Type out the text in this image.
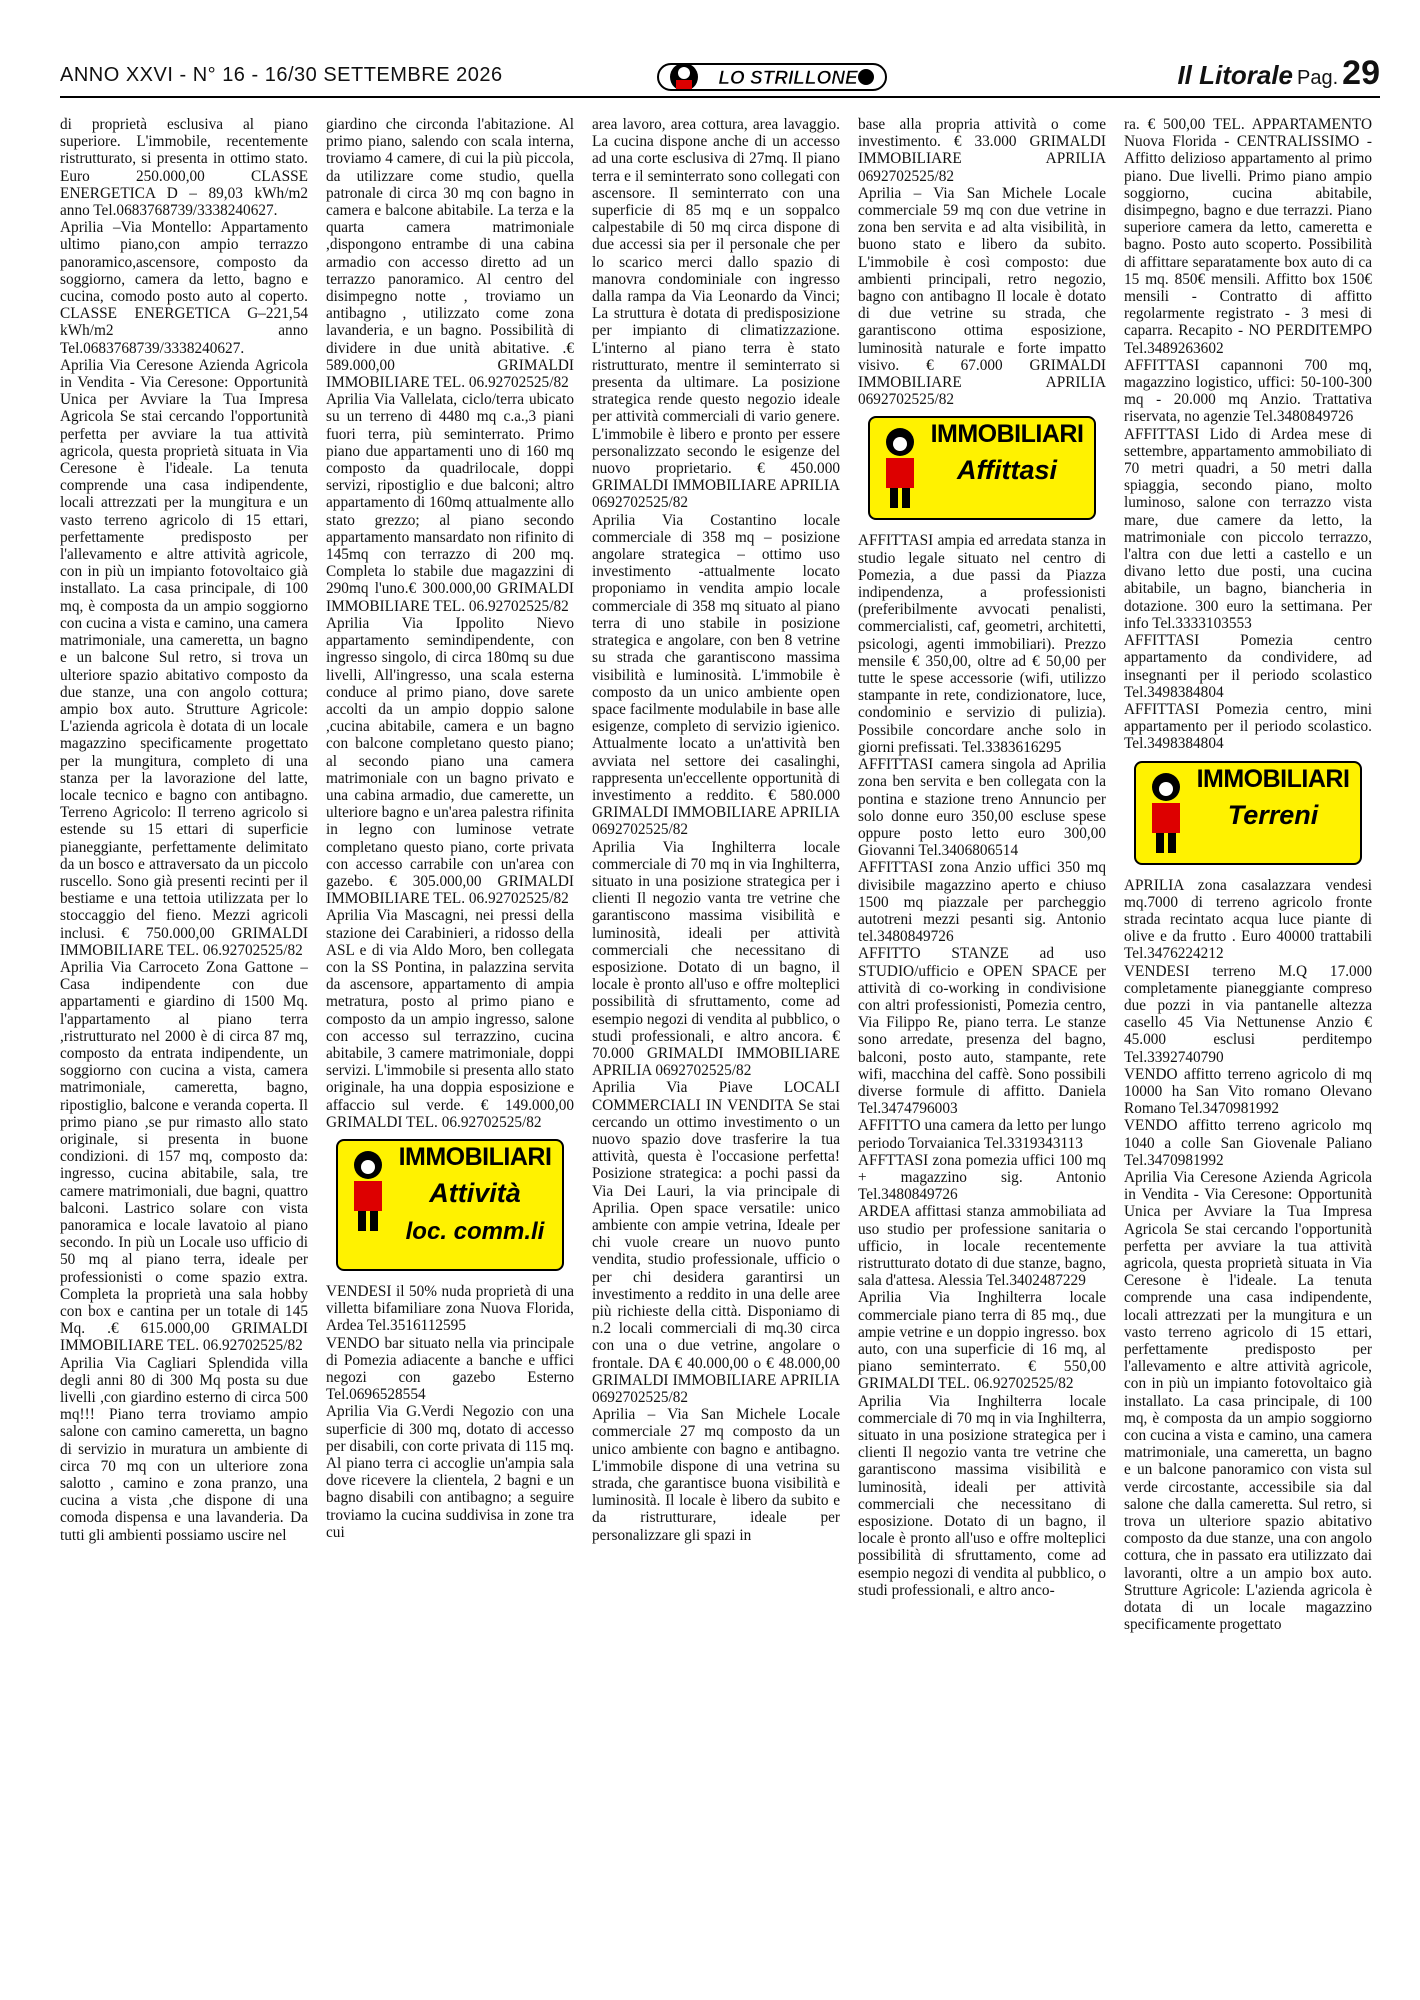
ANNO XXVI - N° 16 - 16/30 SETTEMBRE 2026	LO STRILLONE	Il Litorale Pag. 29

di proprietà esclusiva al piano superiore. L'immobile, recentemente ristrutturato, si presenta in ottimo stato. Euro 250.000,00 CLASSE ENERGETICA D – 89,03 kWh/m2 anno Tel.0683768739/3338240627.

Aprilia –Via Montello: Appartamento ultimo piano,con ampio terrazzo panoramico,ascensore, composto da soggiorno, camera da letto, bagno e cucina, comodo posto auto al coperto. CLASSE ENERGETICA G–221,54 kWh/m2 anno Tel.0683768739/3338240627.

Aprilia Via Ceresone Azienda Agricola in Vendita - Via Ceresone: Opportunità Unica per Avviare la Tua Impresa Agricola Se stai cercando l'opportunità perfetta per avviare la tua attività agricola, questa proprietà situata in Via Ceresone è l'ideale. La tenuta comprende una casa indipendente, locali attrezzati per la mungitura e un vasto terreno agricolo di 15 ettari, perfettamente predisposto per l'allevamento e altre attività agricole, con in più un impianto fotovoltaico già installato. La casa principale, di 100 mq, è composta da un ampio soggiorno con cucina a vista e camino, una camera matrimoniale, una cameretta, un bagno e un balcone Sul retro, si trova un ulteriore spazio abitativo composto da due stanze, una con angolo cottura; ampio box auto. Strutture Agricole: L'azienda agricola è dotata di un locale magazzino specificamente progettato per la mungitura, completo di una stanza per la lavorazione del latte, locale tecnico e bagno con antibagno. Terreno Agricolo: Il terreno agricolo si estende su 15 ettari di superficie pianeggiante, perfettamente delimitato da un bosco e attraversato da un piccolo ruscello. Sono già presenti recinti per il bestiame e una tettoia utilizzata per lo stoccaggio del fieno. Mezzi agricoli inclusi. € 750.000,00 GRIMALDI IMMOBILIARE TEL. 06.92702525/82

Aprilia Via Carroceto Zona Gattone – Casa indipendente con due appartamenti e giardino di 1500 Mq. l'appartamento al piano terra ,ristrutturato nel 2000 è di circa 87 mq, composto da entrata indipendente, un soggiorno con cucina a vista, camera matrimoniale, cameretta, bagno, ripostiglio, balcone e veranda coperta. Il primo piano ,se pur rimasto allo stato originale, si presenta in buone condizioni. di 157 mq, composto da: ingresso, cucina abitabile, sala, tre camere matrimoniali, due bagni, quattro balconi. Lastrico solare con vista panoramica e locale lavatoio al piano secondo. In più un Locale uso ufficio di 50 mq al piano terra, ideale per professionisti o come spazio extra. Completa la proprietà una sala hobby con box e cantina per un totale di 145 Mq. .€ 615.000,00 GRIMALDI IMMOBILIARE TEL. 06.92702525/82

Aprilia Via Cagliari Splendida villa degli anni 80 di 300 Mq posta su due livelli ,con giardino esterno di circa 500 mq!!! Piano terra troviamo ampio salone con camino cameretta, un bagno di servizio in muratura un ambiente di circa 70 mq con un ulteriore zona salotto , camino e zona pranzo, una cucina a vista ,che dispone di una comoda dispensa e una lavanderia. Da tutti gli ambienti possiamo uscire nel

giardino che circonda l'abitazione. Al primo piano, salendo con scala interna, troviamo 4 camere, di cui la più piccola, da utilizzare come studio, quella patronale di circa 30 mq con bagno in camera e balcone abitabile. La terza e la quarta camera matrimoniale ,dispongono entrambe di una cabina armadio con accesso diretto ad un terrazzo panoramico. Al centro del disimpegno notte , troviamo un antibagno , utilizzato come zona lavanderia, e un bagno. Possibilità di dividere in due unità abitative. .€ 589.000,00 GRIMALDI IMMOBILIARE TEL. 06.92702525/82

Aprilia Via Vallelata, ciclo/terra ubicato su un terreno di 4480 mq c.a.,3 piani fuori terra, più seminterrato. Primo piano due appartamenti uno di 160 mq composto da quadrilocale, doppi servizi, ripostiglio e due balconi; altro appartamento di 160mq attualmente allo stato grezzo; al piano secondo appartamento mansardato non rifinito di 145mq con terrazzo di 200 mq. Completa lo stabile due magazzini di 290mq l'uno.€ 300.000,00 GRIMALDI IMMOBILIARE TEL. 06.92702525/82

Aprilia Via Ippolito Nievo appartamento semindipendente, con ingresso singolo, di circa 180mq su due livelli, All'ingresso, una scala esterna conduce al primo piano, dove sarete accolti da un ampio doppio salone ,cucina abitabile, camera e un bagno con balcone completano questo piano; al secondo piano una camera matrimoniale con un bagno privato e una cabina armadio, due camerette, un ulteriore bagno e un'area palestra rifinita in legno con luminose vetrate completano questo piano, corte privata con accesso carrabile con un'area con gazebo. € 305.000,00 GRIMALDI IMMOBILIARE TEL. 06.92702525/82

Aprilia Via Mascagni, nei pressi della stazione dei Carabinieri, a ridosso della ASL e di via Aldo Moro, ben collegata con la SS Pontina, in palazzina servita da ascensore, appartamento di ampia metratura, posto al primo piano e composto da un ampio ingresso, salone con accesso sul terrazzino, cucina abitabile, 3 camere matrimoniale, doppi servizi. L'immobile si presenta allo stato originale, ha una doppia esposizione e affaccio sul verde. € 149.000,00 GRIMALDI TEL. 06.92702525/82

IMMOBILIARI
Attività
loc. comm.li

VENDESI il 50% nuda proprietà di una villetta bifamiliare zona Nuova Florida, Ardea Tel.3516112595

VENDO bar situato nella via principale di Pomezia adiacente a banche e uffici negozi con gazebo Esterno Tel.0696528554

Aprilia Via G.Verdi Negozio con una superficie di 300 mq, dotato di accesso per disabili, con corte privata di 115 mq. Al piano terra ci accoglie un'ampia sala dove ricevere la clientela, 2 bagni e un bagno disabili con antibagno; a seguire troviamo la cucina suddivisa in zone tra cui

area lavoro, area cottura, area lavaggio. La cucina dispone anche di un accesso ad una corte esclusiva di 27mq. Il piano terra e il seminterrato sono collegati con ascensore. Il seminterrato con una superficie di 85 mq e un soppalco calpestabile di 50 mq circa dispone di due accessi sia per il personale che per lo scarico merci dallo spazio di manovra condominiale con ingresso dalla rampa da Via Leonardo da Vinci; La struttura è dotata di predisposizione per impianto di climatizzazione. L'interno al piano terra è stato ristrutturato, mentre il seminterrato si presenta da ultimare. La posizione strategica rende questo negozio ideale per attività commerciali di vario genere. L'immobile è libero e pronto per essere personalizzato secondo le esigenze del nuovo proprietario. € 450.000 GRIMALDI IMMOBILIARE APRILIA 0692702525/82

Aprilia Via Costantino locale commerciale di 358 mq – posizione angolare strategica – ottimo uso investimento -attualmente locato proponiamo in vendita ampio locale commerciale di 358 mq situato al piano terra di uno stabile in posizione strategica e angolare, con ben 8 vetrine su strada che garantiscono massima visibilità e luminosità. L'immobile è composto da un unico ambiente open space facilmente modulabile in base alle esigenze, completo di servizio igienico. Attualmente locato a un'attività ben avviata nel settore dei casalinghi, rappresenta un'eccellente opportunità di investimento a reddito. € 580.000 GRIMALDI IMMOBILIARE APRILIA 0692702525/82

Aprilia Via Inghilterra locale commerciale di 70 mq in via Inghilterra, situato in una posizione strategica per i clienti Il negozio vanta tre vetrine che garantiscono massima visibilità e luminosità, ideali per attività commerciali che necessitano di esposizione. Dotato di un bagno, il locale è pronto all'uso e offre molteplici possibilità di sfruttamento, come ad esempio negozi di vendita al pubblico, o studi professionali, e altro ancora. € 70.000 GRIMALDI IMMOBILIARE APRILIA 0692702525/82

Aprilia Via Piave LOCALI COMMERCIALI IN VENDITA Se stai cercando un ottimo investimento o un nuovo spazio dove trasferire la tua attività, questa è l'occasione perfetta! Posizione strategica: a pochi passi da Via Dei Lauri, la via principale di Aprilia. Open space versatile: unico ambiente con ampie vetrina, Ideale per chi vuole creare un nuovo punto vendita, studio professionale, ufficio o per chi desidera garantirsi un investimento a reddito in una delle aree più richieste della città. Disponiamo di n.2 locali commerciali di mq.30 circa con una o due vetrine, angolare o frontale. DA € 40.000,00 o € 48.000,00 GRIMALDI IMMOBILIARE APRILIA 0692702525/82

Aprilia – Via San Michele Locale commerciale 27 mq composto da un unico ambiente con bagno e antibagno. L'immobile dispone di una vetrina su strada, che garantisce buona visibilità e luminosità. Il locale è libero da subito e da ristrutturare, ideale per personalizzare gli spazi in

base alla propria attività o come investimento. € 33.000 GRIMALDI IMMOBILIARE APRILIA 0692702525/82

Aprilia – Via San Michele Locale commerciale 59 mq con due vetrine in zona ben servita e ad alta visibilità, in buono stato e libero da subito. L'immobile è così composto: due ambienti principali, retro negozio, bagno con antibagno Il locale è dotato di due vetrine su strada, che garantiscono ottima esposizione, luminosità naturale e forte impatto visivo. € 67.000 GRIMALDI IMMOBILIARE APRILIA 0692702525/82

IMMOBILIARI
Affittasi

AFFITTASI ampia ed arredata stanza in studio legale situato nel centro di Pomezia, a due passi da Piazza indipendenza, a professionisti (preferibilmente avvocati penalisti, commercialisti, caf, geometri, architetti, psicologi, agenti immobiliari). Prezzo mensile € 350,00, oltre ad € 50,00 per tutte le spese accessorie (wifi, utilizzo stampante in rete, condizionatore, luce, condominio e servizio di pulizia). Possibile concordare anche solo in giorni prefissati. Tel.3383616295

AFFITTASI camera singola ad Aprilia zona ben servita e ben collegata con la pontina e stazione treno Annuncio per solo donne euro 350,00 escluse spese oppure posto letto euro 300,00 Giovanni Tel.3406806514

AFFITTASI zona Anzio uffici 350 mq divisibile magazzino aperto e chiuso 1500 mq piazzale per parcheggio autotreni mezzi pesanti sig. Antonio tel.3480849726

AFFITTO STANZE ad uso STUDIO/ufficio e OPEN SPACE per attività di co-working in condivisione con altri professionisti, Pomezia centro, Via Filippo Re, piano terra. Le stanze sono arredate, presenza del bagno, balconi, posto auto, stampante, rete wifi, macchina del caffè. Sono possibili diverse formule di affitto. Daniela Tel.3474796003

AFFITTO una camera da letto per lungo periodo Torvaianica Tel.3319343113

AFFTTASI zona pomezia uffici 100 mq + magazzino sig. Antonio Tel.3480849726

ARDEA affittasi stanza ammobiliata ad uso studio per professione sanitaria o ufficio, in locale recentemente ristrutturato dotato di due stanze, bagno, sala d'attesa. Alessia Tel.3402487229

Aprilia Via Inghilterra locale commerciale piano terra di 85 mq., due ampie vetrine e un doppio ingresso. box auto, con una superficie di 16 mq, al piano seminterrato. € 550,00 GRIMALDI TEL. 06.92702525/82

Aprilia Via Inghilterra locale commerciale di 70 mq in via Inghilterra, situato in una posizione strategica per i clienti Il negozio vanta tre vetrine che garantiscono massima visibilità e luminosità, ideali per attività commerciali che necessitano di esposizione. Dotato di un bagno, il locale è pronto all'uso e offre molteplici possibilità di sfruttamento, come ad esempio negozi di vendita al pubblico, o studi professionali, e altro anco-

ra. € 500,00 TEL. APPARTAMENTO Nuova Florida - CENTRALISSIMO - Affitto delizioso appartamento al primo piano. Due livelli. Primo piano ampio soggiorno, cucina abitabile, disimpegno, bagno e due terrazzi. Piano superiore camera da letto, cameretta e bagno. Posto auto scoperto. Possibilità di affittare separatamente box auto di ca 15 mq. 850€ mensili. Affitto box 150€ mensili - Contratto di affitto regolarmente registrato - 3 mesi di caparra. Recapito - NO PERDITEMPO Tel.3489263602

AFFITTASI capannoni 700 mq, magazzino logistico, uffici: 50-100-300 mq - 20.000 mq Anzio. Trattativa riservata, no agenzie Tel.3480849726

AFFITTASI Lido di Ardea mese di settembre, appartamento ammobiliato di 70 metri quadri, a 50 metri dalla spiaggia, secondo piano, molto luminoso, salone con terrazzo vista mare, due camere da letto, la matrimoniale con piccolo terrazzo, l'altra con due letti a castello e un divano letto due posti, una cucina abitabile, un bagno, biancheria in dotazione. 300 euro la settimana. Per info Tel.3333103553

AFFITTASI Pomezia centro appartamento da condividere, ad insegnanti per il periodo scolastico Tel.3498384804

AFFITTASI Pomezia centro, mini appartamento per il periodo scolastico. Tel.3498384804

IMMOBILIARI
Terreni

APRILIA zona casalazzara vendesi mq.7000 di terreno agricolo fronte strada recintato acqua luce piante di olive e da frutto . Euro 40000 trattabili Tel.3476224212

VENDESI terreno M.Q 17.000 completamente pianeggiante compreso due pozzi in via pantanelle altezza casello 45 Via Nettunense Anzio € 45.000 esclusi perditempo Tel.3392740790

VENDO affitto terreno agricolo di mq 10000 ha San Vito romano Olevano Romano Tel.3470981992

VENDO affitto terreno agricolo mq 1040 a colle San Giovenale Paliano Tel.3470981992

Aprilia Via Ceresone Azienda Agricola in Vendita - Via Ceresone: Opportunità Unica per Avviare la Tua Impresa Agricola Se stai cercando l'opportunità perfetta per avviare la tua attività agricola, questa proprietà situata in Via Ceresone è l'ideale. La tenuta comprende una casa indipendente, locali attrezzati per la mungitura e un vasto terreno agricolo di 15 ettari, perfettamente predisposto per l'allevamento e altre attività agricole, con in più un impianto fotovoltaico già installato. La casa principale, di 100 mq, è composta da un ampio soggiorno con cucina a vista e camino, una camera matrimoniale, una cameretta, un bagno e un balcone panoramico con vista sul verde circostante, accessibile sia dal salone che dalla cameretta. Sul retro, si trova un ulteriore spazio abitativo composto da due stanze, una con angolo cottura, che in passato era utilizzato dai lavoranti, oltre a un ampio box auto. Strutture Agricole: L'azienda agricola è dotata di un locale magazzino specificamente progettato
